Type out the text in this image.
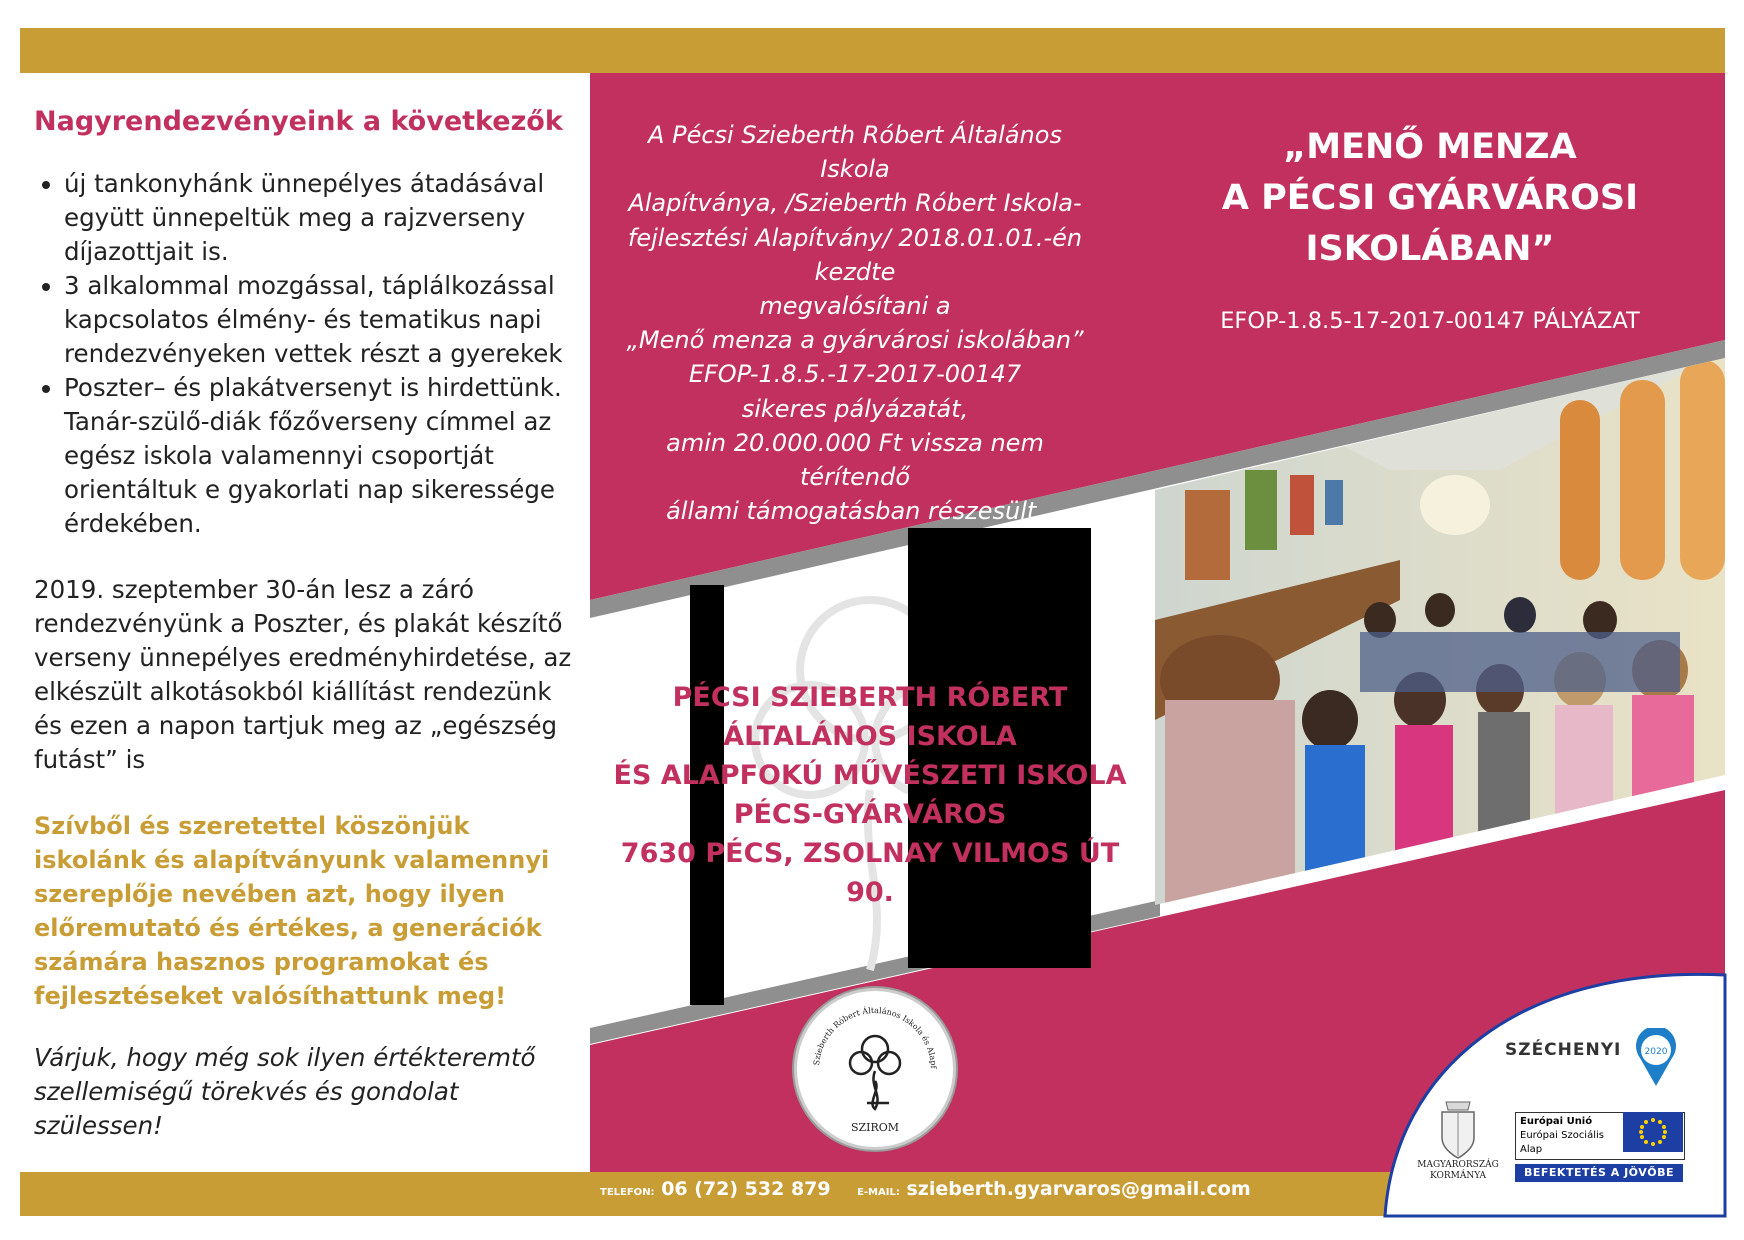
Nagyrendezvényeink a következők
• új tankonyhánk ünnepélyes átadásával együtt ünnepeltük meg a rajzverseny díjazottjait is.
• 3 alkalommal mozgással, táplálkozással kapcsolatos élmény- és tematikus napi rendezvényeken vettek részt a gyerekek
• Poszter– és plakátversenyt is hirdettünk. Tanár-szülő-diák főzőverseny címmel az egész iskola valamennyi csoportját orientáltuk e gyakorlati nap sikeressége érdekében.

2019. szeptember 30-án lesz a záró rendezvényünk a Poszter, és plakát készítő verseny ünnepélyes eredményhirdetése, az elkészült alkotásokból kiállítást rendezünk és ezen a napon tartjuk meg az „egészség futást” is

Szívből és szeretettel köszönjük iskolánk és alapítványunk valamennyi szereplője nevében azt, hogy ilyen előremutató és értékes, a generációk számára hasznos programokat és fejlesztéseket valósíthattunk meg!

Várjuk, hogy még sok ilyen értékteremtő szellemiségű törekvés és gondolat szülessen!

A Pécsi Szieberth Róbert Általános Iskola
Alapítványa, /Szieberth Róbert Iskola-
fejlesztési Alapítvány/ 2018.01.01.-én kezdte
megvalósítani a
„Menő menza a gyárvárosi iskolában”
EFOP-1.8.5.-17-2017-00147
sikeres pályázatát,
amin 20.000.000 Ft vissza nem térítendő
állami támogatásban részesült.
„MENŐ MENZA
A PÉCSI GYÁRVÁROSI
ISKOLÁBAN”
EFOP-1.8.5-17-2017-00147 PÁLYÁZAT
PÉCSI SZIEBERTH RÓBERT
ÁLTALÁNOS ISKOLA
ÉS ALAPFOKÚ MŰVÉSZETI ISKOLA
PÉCS-GYÁRVÁROS
7630 PÉCS, ZSOLNAY VILMOS ÚT 90.
Szieberth Róbert Általános Iskola és Alapf
SZIROM
TELEFON: 06 (72) 532 879	E-MAIL: szieberth.gyarvaros@gmail.com
SZÉCHENYI	2020
MAGYARORSZÁG
KORMÁNYA
Európai Unió
Európai Szociális
Alap
BEFEKTETÉS A JÖVŐBE
